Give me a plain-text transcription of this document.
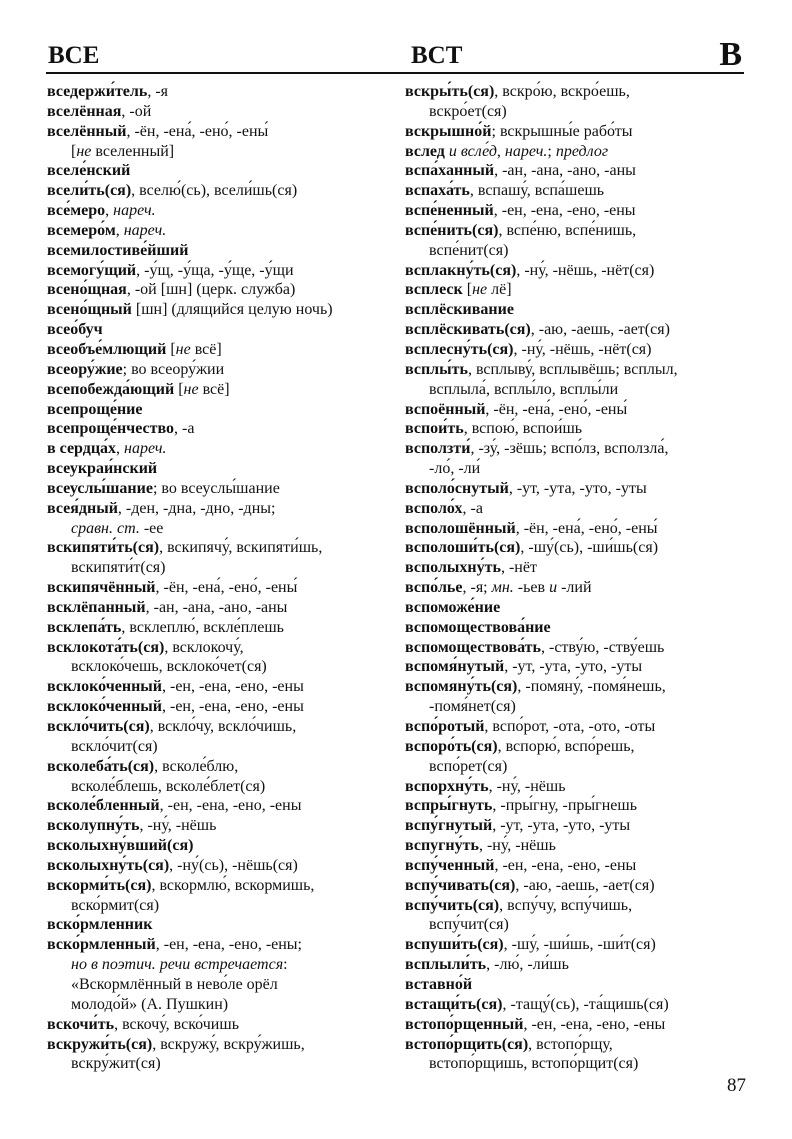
ВСЕ	ВСТ	В
вседержи́тель, -я
вселённая, -ой
вселённый, -ён, -ена́, -ено́, -ены́
[не вселенный]
вселе́нский
всели́ть(ся), вселю́(сь), всели́шь(ся)
все́меро, нареч.
всемеро́м, нареч.
всемилостиве́йший
всемогу́щий, -у́щ, -у́ща, -у́ще, -у́щи
всено́щная, -ой [шн] (церк. служба)
всено́щный [шн] (длящийся целую ночь)
всео́буч
всеобъе́млющий [не всё]
всеору́жие; во всеору́жии
всепобежда́ющий [не всё]
всепроще́ние
всепроще́нчество, -а
в сердца́х, нареч.
всеукраи́нский
всеуслы́шание; во всеуслы́шание
всея́дный, -ден, -дна, -дно, -дны;
сравн. ст. -ее
вскипяти́ть(ся), вскипячу́, вскипяти́шь,
вскипяти́т(ся)
вскипячённый, -ён, -ена́, -ено́, -ены́
всклёпанный, -ан, -ана, -ано, -аны
всклепа́ть, всклеплю́, вскле́плешь
всклокота́ть(ся), всклокочу́,
всклоко́чешь, всклоко́чет(ся)
всклоко́ченный, -ен, -ена, -ено, -ены
всклоко́ченный, -ен, -ена, -ено, -ены
вскло́чить(ся), вскло́чу, вскло́чишь,
вскло́чит(ся)
всколеба́ть(ся), всколе́блю,
всколе́блешь, всколе́блет(ся)
всколе́бленный, -ен, -ена, -ено, -ены
всколупну́ть, -ну́, -нёшь
всколыхну́вший(ся)
всколыхну́ть(ся), -ну́(сь), -нёшь(ся)
вскорми́ть(ся), вскормлю́, вскормишь,
вско́рмит(ся)
вско́рмленник
вско́рмленный, -ен, -ена, -ено, -ены;
но в поэтич. речи встречается:
«Вскормлённый в нево́ле орёл
молодо́й» (А. Пушкин)
вскочи́ть, вскочу́, вско́чишь
вскружи́ть(ся), вскружу́, вскру́жишь,
вскру́жит(ся)
вскры́ть(ся), вскро́ю, вскро́ешь,
вскро́ет(ся)
вскрышно́й; вскрышны́е рабо́ты
вслед и всле́д, нареч.; предлог
вспа́ханный, -ан, -ана, -ано, -аны
вспаха́ть, вспашу́, вспа́шешь
вспе́ненный, -ен, -ена, -ено, -ены
вспе́нить(ся), вспе́ню, вспе́нишь,
вспе́нит(ся)
всплакну́ть(ся), -ну́, -нёшь, -нёт(ся)
всплеск [не лё]
всплёскивание
всплёскивать(ся), -аю, -аешь, -ает(ся)
всплесну́ть(ся), -ну́, -нёшь, -нёт(ся)
всплы́ть, всплыву́, всплывёшь; всплыл,
всплыла́, всплы́ло, всплы́ли
вспоённый, -ён, -ена́, -ено́, -ены́
вспои́ть, вспою́, вспои́шь
всползти́, -зу́, -зёшь; вспо́лз, всползла́,
-ло́, -ли́
всполо́снутый, -ут, -ута, -уто, -уты
всполо́х, -а
всполошённый, -ён, -ена́, -ено́, -ены́
всполоши́ть(ся), -шу́(сь), -ши́шь(ся)
всполыхну́ть, -нёт
вспо́лье, -я; мн. -ьев и -лий
вспоможе́ние
вспомоществова́ние
вспомоществова́ть, -ству́ю, -ству́ешь
вспомя́нутый, -ут, -ута, -уто, -уты
вспомяну́ть(ся), -помяну́, -помя́нешь,
-помя́нет(ся)
вспо́ротый, вспо́рот, -ота, -ото, -оты
вспоро́ть(ся), вспорю́, вспо́решь,
вспо́рет(ся)
вспорхну́ть, -ну́, -нёшь
вспры́гнуть, -пры́гну, -пры́гнешь
вспу́гнутый, -ут, -ута, -уто, -уты
вспугну́ть, -ну́, -нёшь
вспу́ченный, -ен, -ена, -ено, -ены
вспу́чивать(ся), -аю, -аешь, -ает(ся)
вспу́чить(ся), вспу́чу, вспу́чишь,
вспу́чит(ся)
вспуши́ть(ся), -шу́, -ши́шь, -ши́т(ся)
всплыли́ть, -лю́, -ли́шь
вставно́й
встащи́ть(ся), -тащу́(сь), -та́щишь(ся)
встопо́рщенный, -ен, -ена, -ено, -ены
встопо́рщить(ся), встопо́рщу,
встопо́рщишь, встопо́рщит(ся)
87
